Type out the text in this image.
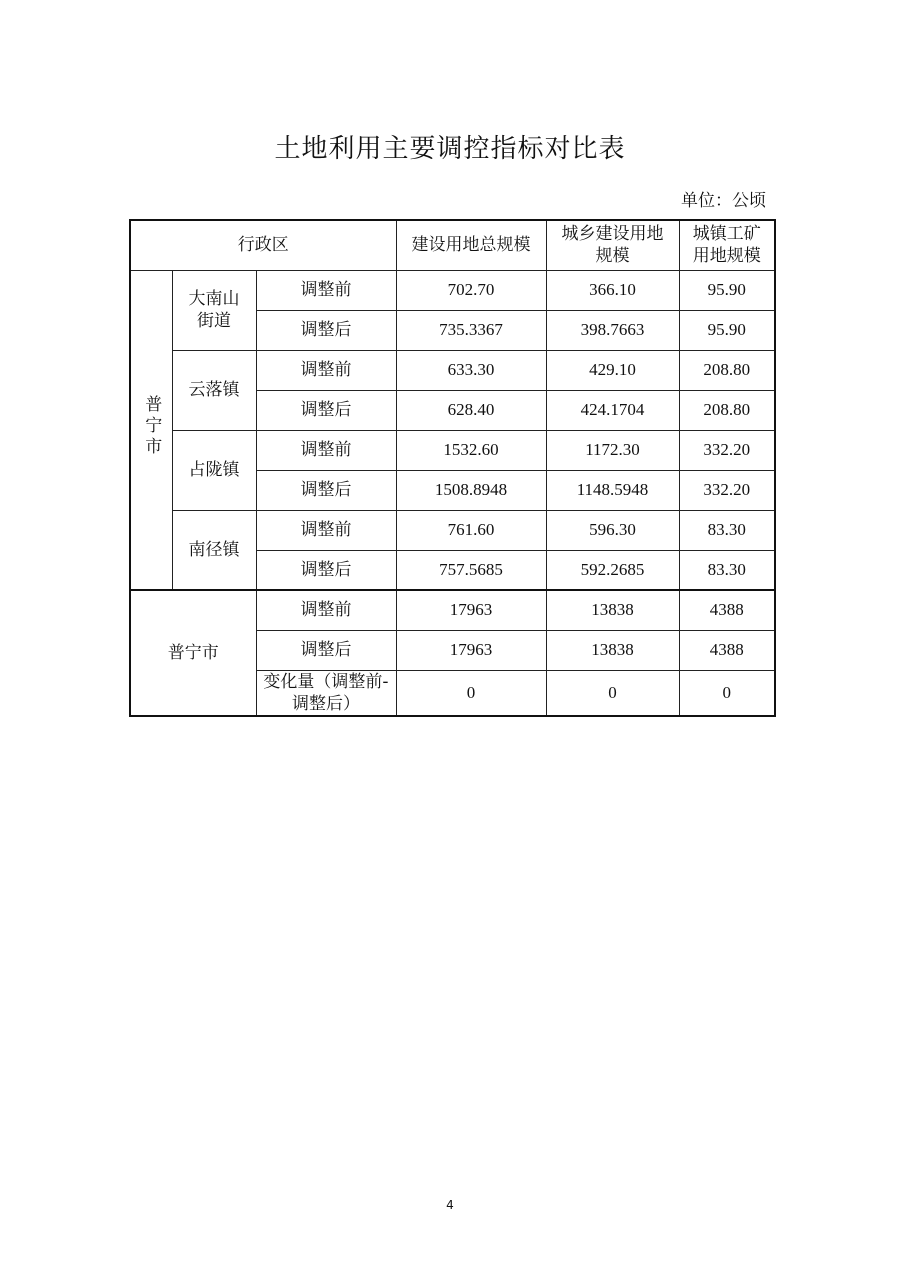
土地利用主要调控指标对比表
单位：公顷
行政区			建设用地总规模	城乡建设用地规模	城镇工矿用地规模
普宁市	大南山街道	调整前	702.70	366.10	95.90
		调整后	735.3367	398.7663	95.90
	云落镇	调整前	633.30	429.10	208.80
		调整后	628.40	424.1704	208.80
	占陇镇	调整前	1532.60	1172.30	332.20
		调整后	1508.8948	1148.5948	332.20
	南径镇	调整前	761.60	596.30	83.30
		调整后	757.5685	592.2685	83.30
普宁市		调整前	17963	13838	4388
		调整后	17963	13838	4388
		变化量（调整前-调整后）	0	0	0
4
